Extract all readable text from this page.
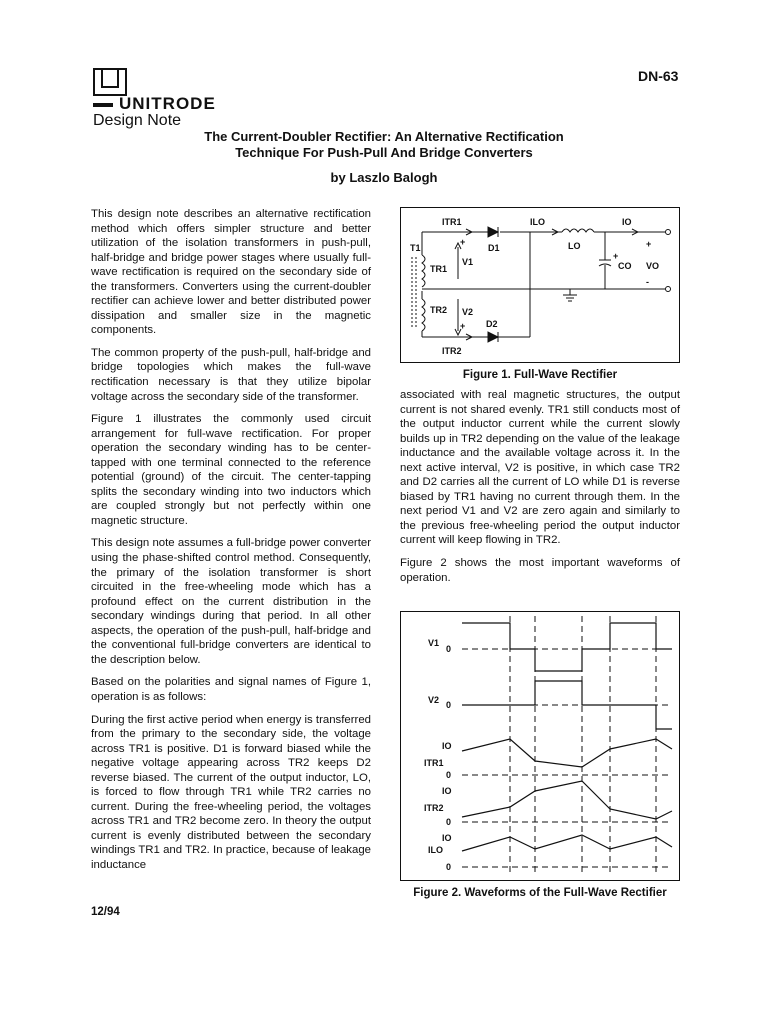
UNITRODE
Design Note
DN-63
The Current-Doubler Rectifier: An Alternative Rectification
Technique For Push-Pull And Bridge Converters
by Laszlo Balogh

This design note describes an alternative rectification method which offers simpler structure and better utilization of the isolation transformers in push-pull, half-bridge and bridge power stages where usually full-wave rectification is required on the secondary side of the transformers. Converters using the current-doubler rectifier can achieve lower and better distributed power dissipation and smaller size in the magnetic components.

The common property of the push-pull, half-bridge and bridge topologies which makes the full-wave rectification necessary is that they utilize bipolar voltage across the secondary side of the transformer.

Figure 1 illustrates the commonly used circuit arrangement for full-wave rectification. For proper operation the secondary winding has to be center-tapped with one terminal connected to the reference potential (ground) of the circuit. The center-tapping splits the secondary winding into two inductors which are coupled strongly but not perfectly within one magnetic structure.

This design note assumes a full-bridge power converter using the phase-shifted control method. Consequently, the primary of the isolation transformer is short circuited in the free-wheeling mode which has a profound effect on the current distribution in the secondary windings during that period. In all other aspects, the operation of the push-pull, half-bridge and the conventional full-bridge converters are identical to the description below.

Based on the polarities and signal names of Figure 1, operation is as follows:

During the first active period when energy is transferred from the primary to the secondary side, the voltage across TR1 is positive. D1 is forward biased while the negative voltage appearing across TR2 keeps D2 reverse biased. The current of the output inductor, LO, is forced to flow through TR1 while TR2 carries no current. During the free-wheeling period, the voltages across TR1 and TR2 become zero. In theory the output current is evenly distributed between the secondary windings TR1 and TR2. In practice, because of leakage inductance

ITR1	ILO	IO
T1
TR1
V1
D1	LO
CO VO
TR2 V2
D2
ITR2
+
+
+
+
-
Figure 1. Full-Wave Rectifier

associated with real magnetic structures, the output current is not shared evenly. TR1 still conducts most of the output inductor current while the current slowly builds up in TR2 depending on the value of the leakage inductance and the available voltage across it. In the next active interval, V2 is positive, in which case TR2 and D2 carries all the current of LO while D1 is reverse biased by TR1 having no current through them. In the next period V1 and V2 are zero again and similarly to the previous free-wheeling period the output inductor current will keep flowing in TR2.

Figure 2 shows the most important waveforms of operation.

V1
0
V2 0
IO
ITR1
0
IO
ITR2
0
IO
ILO
0
Figure 2. Waveforms of the Full-Wave Rectifier
12/94
